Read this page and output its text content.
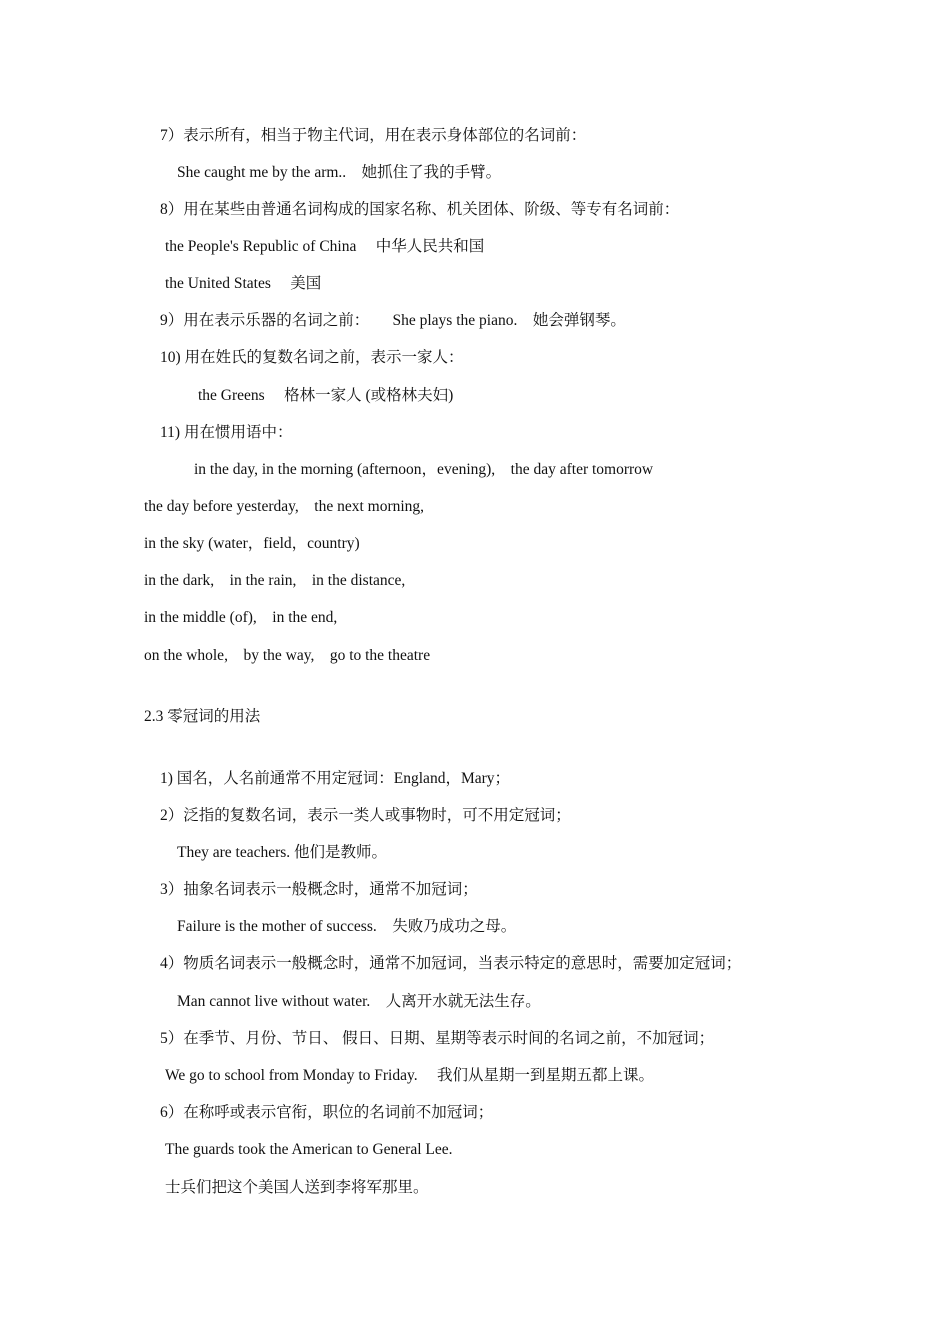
7）表示所有，相当于物主代词，用在表示身体部位的名词前：
She caught me by the arm..    她抓住了我的手臂。
8）用在某些由普通名词构成的国家名称、机关团体、阶级、等专有名词前：
the People's Republic of China     中华人民共和国
the United States     美国
9）用在表示乐器的名词之前：      She plays the piano.    她会弹钢琴。
10) 用在姓氏的复数名词之前，表示一家人：
the Greens     格林一家人 (或格林夫妇)
11) 用在惯用语中：
in the day, in the morning (afternoon，evening),    the day after tomorrow
the day before yesterday,    the next morning,
in the sky (water，field，country)
in the dark,    in the rain,    in the distance,
in the middle (of),    in the end,
on the whole,    by the way,    go to the theatre
2.3 零冠词的用法
1) 国名，人名前通常不用定冠词：England，Mary；
2）泛指的复数名词，表示一类人或事物时，可不用定冠词；
They are teachers. 他们是教师。
3）抽象名词表示一般概念时，通常不加冠词；
Failure is the mother of success.    失败乃成功之母。
4）物质名词表示一般概念时，通常不加冠词，当表示特定的意思时，需要加定冠词；
Man cannot live without water.    人离开水就无法生存。
5）在季节、月份、节日、 假日、日期、星期等表示时间的名词之前，不加冠词；
We go to school from Monday to Friday.     我们从星期一到星期五都上课。
6）在称呼或表示官衔，职位的名词前不加冠词；
The guards took the American to General Lee.
士兵们把这个美国人送到李将军那里。
